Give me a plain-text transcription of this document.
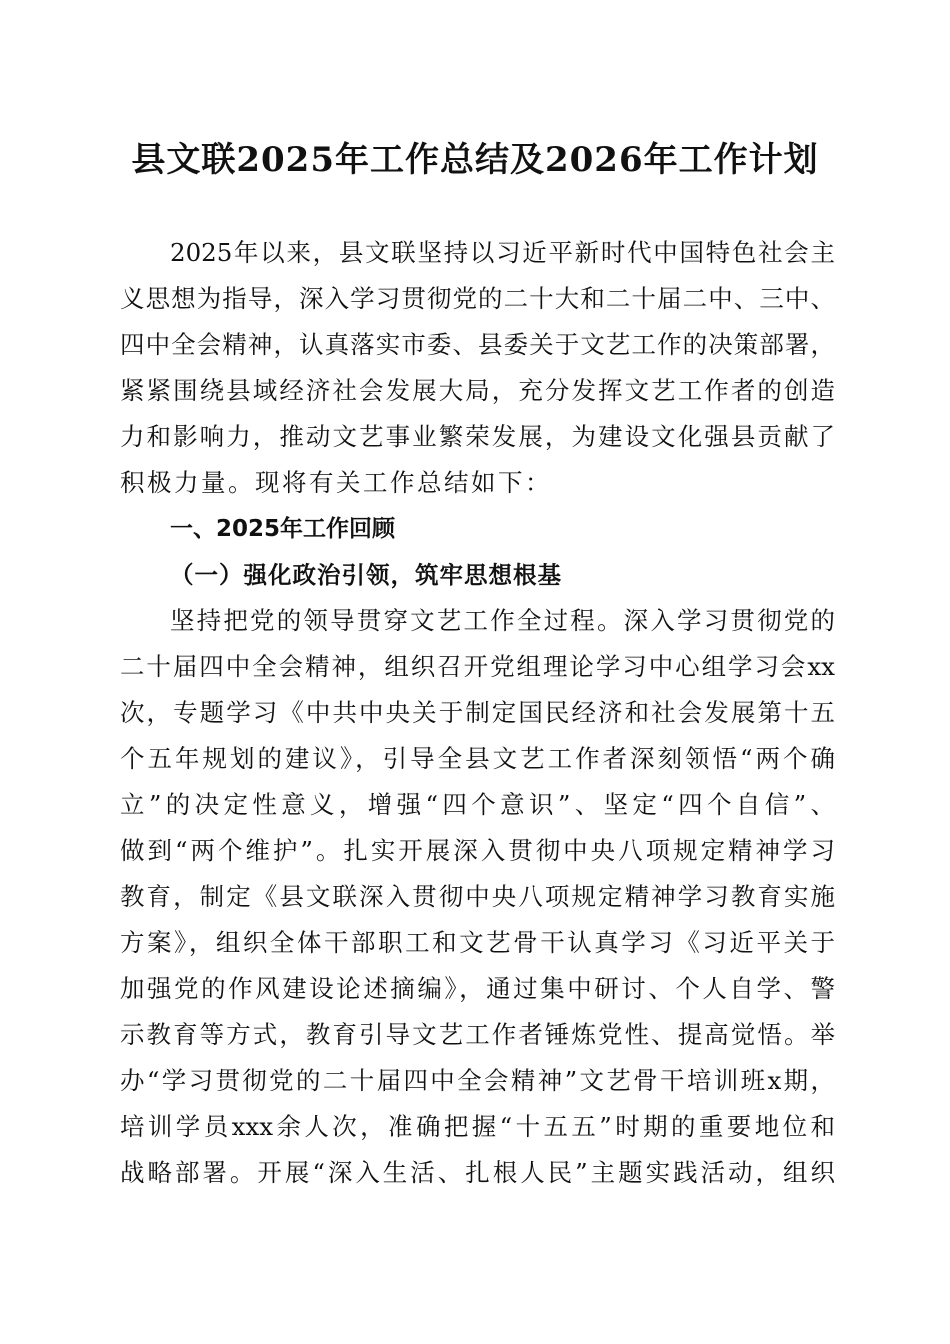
县文联2025年工作总结及2026年工作计划
2025年以来，县文联坚持以习近平新时代中国特色社会主
义思想为指导，深入学习贯彻党的二十大和二十届二中、三中、
四中全会精神，认真落实市委、县委关于文艺工作的决策部署，
紧紧围绕县域经济社会发展大局，充分发挥文艺工作者的创造
力和影响力，推动文艺事业繁荣发展，为建设文化强县贡献了
积极力量。现将有关工作总结如下：
一、2025年工作回顾
（一）强化政治引领，筑牢思想根基
坚持把党的领导贯穿文艺工作全过程。深入学习贯彻党的
二十届四中全会精神，组织召开党组理论学习中心组学习会xx
次，专题学习《中共中央关于制定国民经济和社会发展第十五
个五年规划的建议》，引导全县文艺工作者深刻领悟“两个确
立”的决定性意义，增强“四个意识”、坚定“四个自信”、
做到“两个维护”。扎实开展深入贯彻中央八项规定精神学习
教育，制定《县文联深入贯彻中央八项规定精神学习教育实施
方案》，组织全体干部职工和文艺骨干认真学习《习近平关于
加强党的作风建设论述摘编》，通过集中研讨、个人自学、警
示教育等方式，教育引导文艺工作者锤炼党性、提高觉悟。举
办“学习贯彻党的二十届四中全会精神”文艺骨干培训班x期，
培训学员xxx余人次，准确把握“十五五”时期的重要地位和
战略部署。开展“深入生活、扎根人民”主题实践活动，组织
